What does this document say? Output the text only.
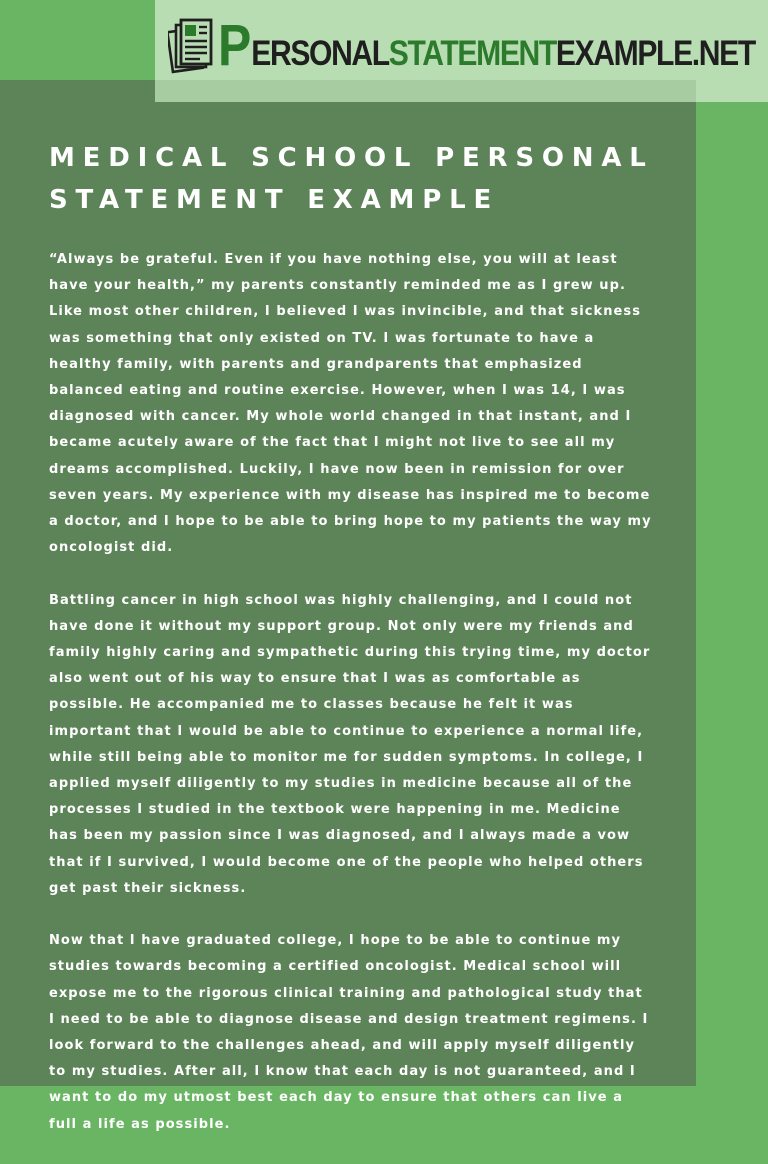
PERSONALSTATEMENTEXAMPLE.NET
MEDICAL SCHOOL PERSONAL STATEMENT EXAMPLE

“Always be grateful. Even if you have nothing else, you will at least have your health,” my parents constantly reminded me as I grew up. Like most other children, I believed I was invincible, and that sickness was something that only existed on TV. I was fortunate to have a healthy family, with parents and grandparents that emphasized balanced eating and routine exercise. However, when I was 14, I was diagnosed with cancer. My whole world changed in that instant, and I became acutely aware of the fact that I might not live to see all my dreams accomplished. Luckily, I have now been in remission for over seven years. My experience with my disease has inspired me to become a doctor, and I hope to be able to bring hope to my patients the way my oncologist did.

Battling cancer in high school was highly challenging, and I could not have done it without my support group. Not only were my friends and family highly caring and sympathetic during this trying time, my doctor also went out of his way to ensure that I was as comfortable as possible. He accompanied me to classes because he felt it was important that I would be able to continue to experience a normal life, while still being able to monitor me for sudden symptoms. In college, I applied myself diligently to my studies in medicine because all of the processes I studied in the textbook were happening in me. Medicine has been my passion since I was diagnosed, and I always made a vow that if I survived, I would become one of the people who helped others get past their sickness.

Now that I have graduated college, I hope to be able to continue my studies towards becoming a certified oncologist. Medical school will expose me to the rigorous clinical training and pathological study that I need to be able to diagnose disease and design treatment regimens. I look forward to the challenges ahead, and will apply myself diligently to my studies. After all, I know that each day is not guaranteed, and I want to do my utmost best each day to ensure that others can live a full a life as possible.
